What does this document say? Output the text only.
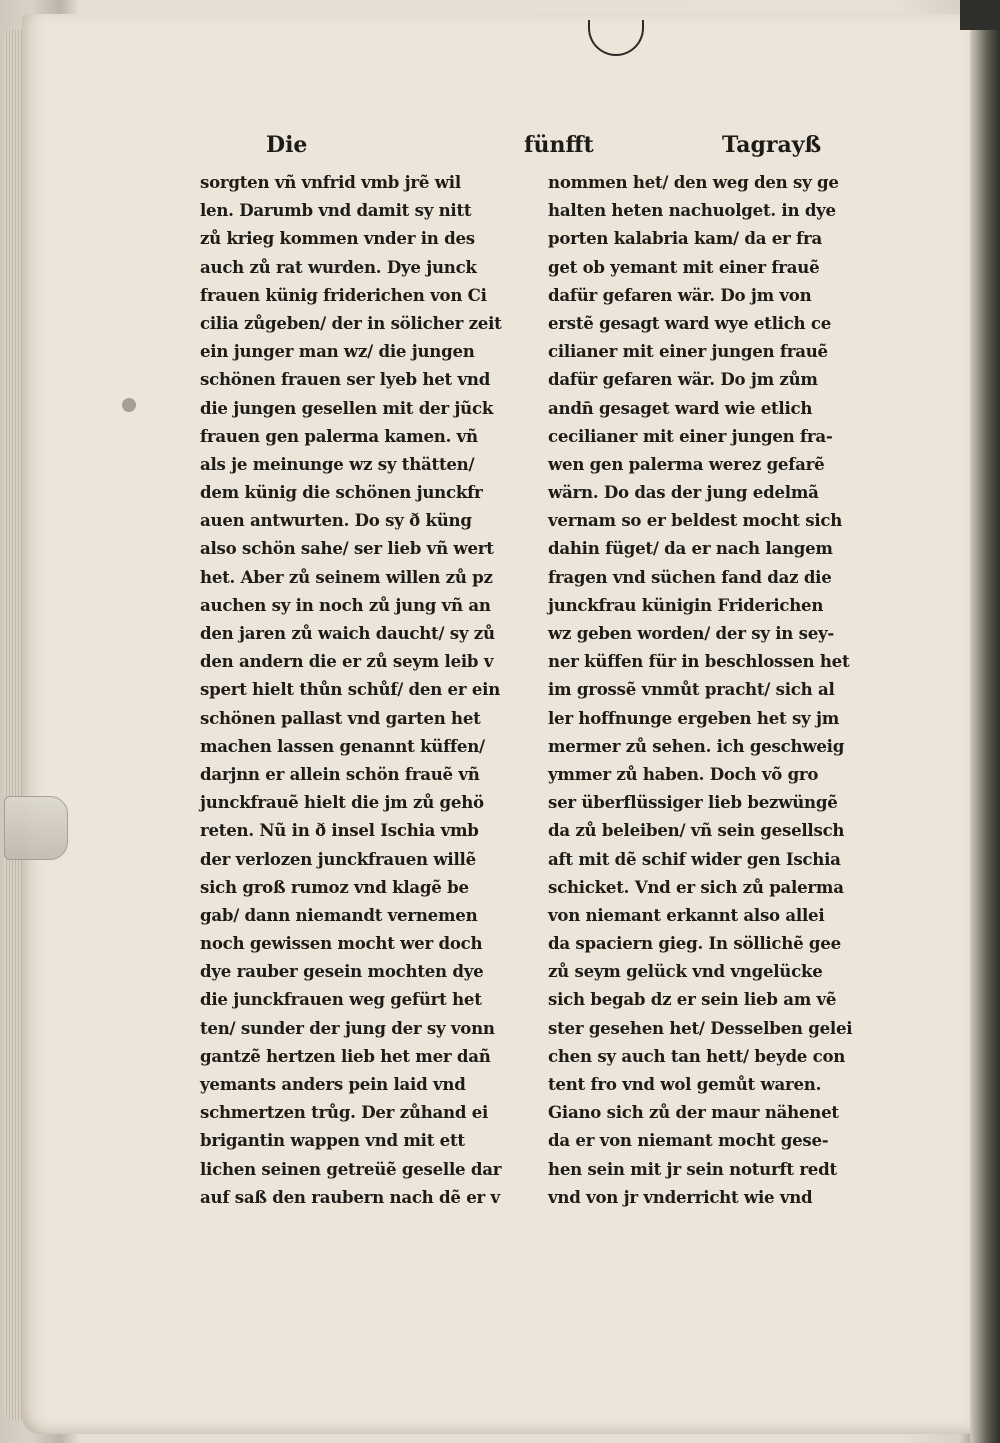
Die	fünfft	Tagrayß
sorgten vñ vnfrid vmb jrẽ wil
len. Darumb vnd damit sy nitt
zů krieg kommen vnder in des
auch zů rat wurden. Dye junck
frauen künig friderichen von Ci
cilia zůgeben/ der in sölicher zeit
ein junger man wz/ die jungen
schönen frauen ser lyeb het vnd
die jungen gesellen mit der jũck
frauen gen palerma kamen. vñ
als je meinunge wz sy thätten/
dem künig die schönen junckfr
auen antwurten. Do sy ð küng
also schön sahe/ ser lieb vñ wert
het. Aber zů seinem willen zů pz
auchen sy in noch zů jung vñ an
den jaren zů waich daucht/ sy zů
den andern die er zů seym leib v
spert hielt thůn schůf/ den er ein
schönen pallast vnd garten het
machen lassen genannt küffen/
darjnn er allein schön frauẽ vñ
junckfrauẽ hielt die jm zů gehö
reten. Nũ in ð insel Ischia vmb
der verlozen junckfrauen willẽ
sich groß rumoz vnd klagẽ be
gab/ dann niemandt vernemen
noch gewissen mocht wer doch
dye rauber gesein mochten dye
die junckfrauen weg gefürt het
ten/ sunder der jung der sy vonn
gantzẽ hertzen lieb het mer dañ
yemants anders pein laid vnd
schmertzen trůg. Der zůhand ei
brigantin wappen vnd mit ett
lichen seinen getreüẽ geselle dar
auf saß den raubern nach dẽ er v
nommen het/ den weg den sy ge
halten heten nachuolget. in dye
porten kalabria kam/ da er fra
get ob yemant mit einer frauẽ
dafür gefaren wär. Do jm von
erstẽ gesagt ward wye etlich ce
cilianer mit einer jungen frauẽ
dafür gefaren wär. Do jm zům
andn̄ gesaget ward wie etlich
cecilianer mit einer jungen fra-
wen gen palerma werez gefarẽ
wärn. Do das der jung edelmã
vernam so er beldest mocht sich
dahin füget/ da er nach langem
fragen vnd süchen fand daz die
junckfrau künigin Friderichen
wz geben worden/ der sy in sey-
ner küffen für in beschlossen het
im grossẽ vnmůt pracht/ sich al
ler hoffnunge ergeben het sy jm
mermer zů sehen. ich geschweig
ymmer zů haben. Doch võ gro
ser überflüssiger lieb bezwüngẽ
da zů beleiben/ vñ sein gesellsch
aft mit dẽ schif wider gen Ischia
schicket. Vnd er sich zů palerma
von niemant erkannt also allei
da spaciern gieg. In söllichẽ gee
zů seym gelück vnd vngelücke
sich begab dz er sein lieb am vẽ
ster gesehen het/ Desselben gelei
chen sy auch tan hett/ beyde con
tent fro vnd wol gemůt waren.
Giano sich zů der maur nähenet
da er von niemant mocht gese-
hen sein mit jr sein noturft redt
vnd von jr vnderricht wie vnd
